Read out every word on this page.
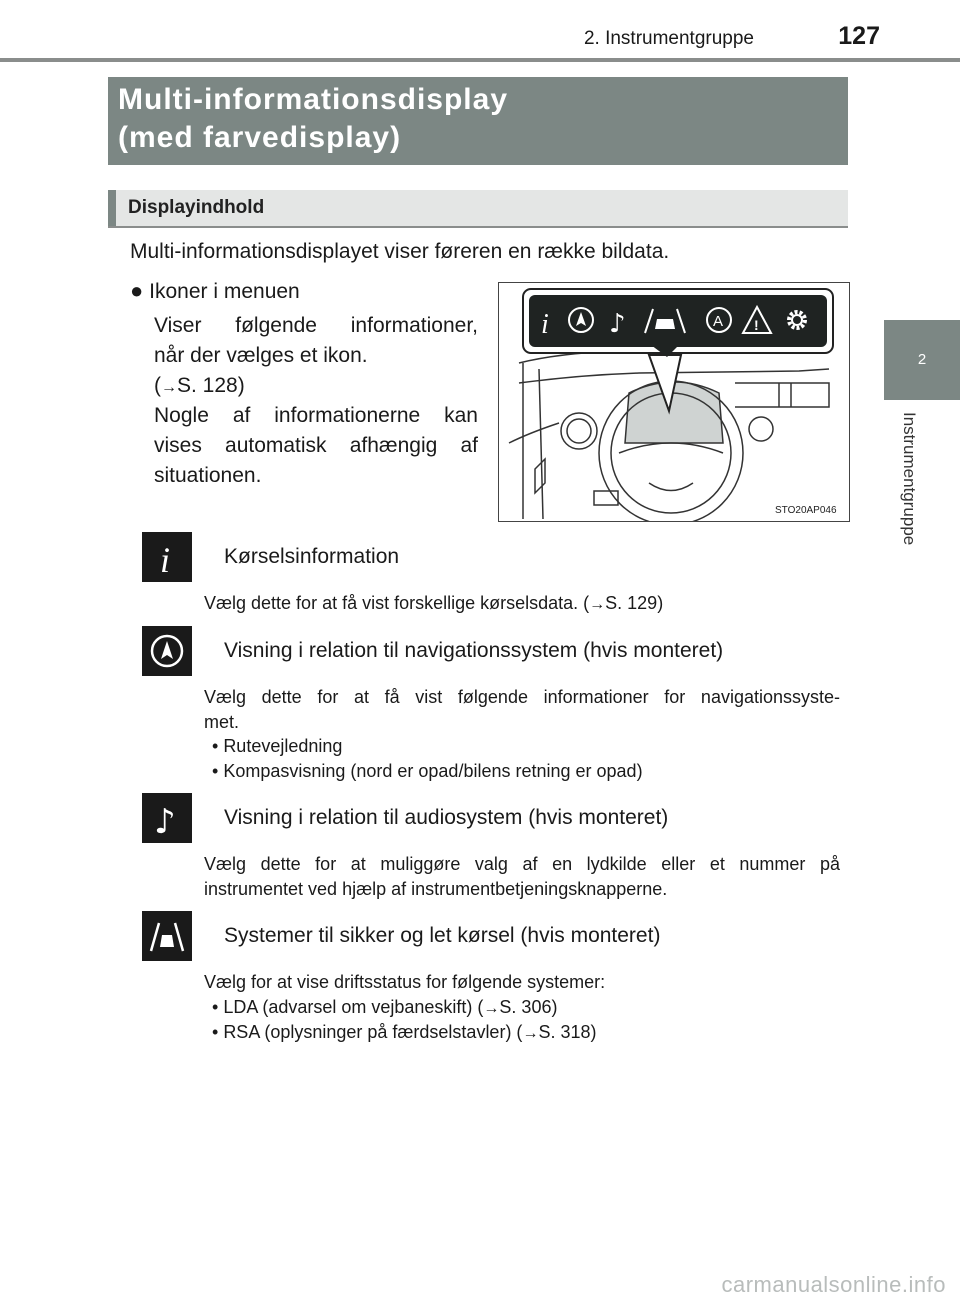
2. Instrumentgruppe	127
2
Instrumentgruppe
Multi-informationsdisplay
(med farvedisplay)
Displayindhold
Multi-informationsdisplayet viser føreren en række bildata.
● Ikoner i menuen
Viser følgende informationer,
når der vælges et ikon.
(→S. 128)
Nogle af informationerne kan
vises automatisk afhængig af
situationen.
i ♪	A !
STO20AP046
i	Kørselsinformation
Vælg dette for at få vist forskellige kørselsdata. (→S. 129)
Visning i relation til navigationssystem (hvis monteret)
Vælg dette for at få vist følgende informationer for navigationssyste-
met.
• Rutevejledning
• Kompasvisning (nord er opad/bilens retning er opad)
♪ Visning i relation til audiosystem (hvis monteret)
Vælg dette for at muliggøre valg af en lydkilde eller et nummer på
instrumentet ved hjælp af instrumentbetjeningsknapperne.
Systemer til sikker og let kørsel (hvis monteret)
Vælg for at vise driftsstatus for følgende systemer:
• LDA (advarsel om vejbaneskift) (→S. 306)
• RSA (oplysninger på færdselstavler) (→S. 318)
carmanualsonline.info
